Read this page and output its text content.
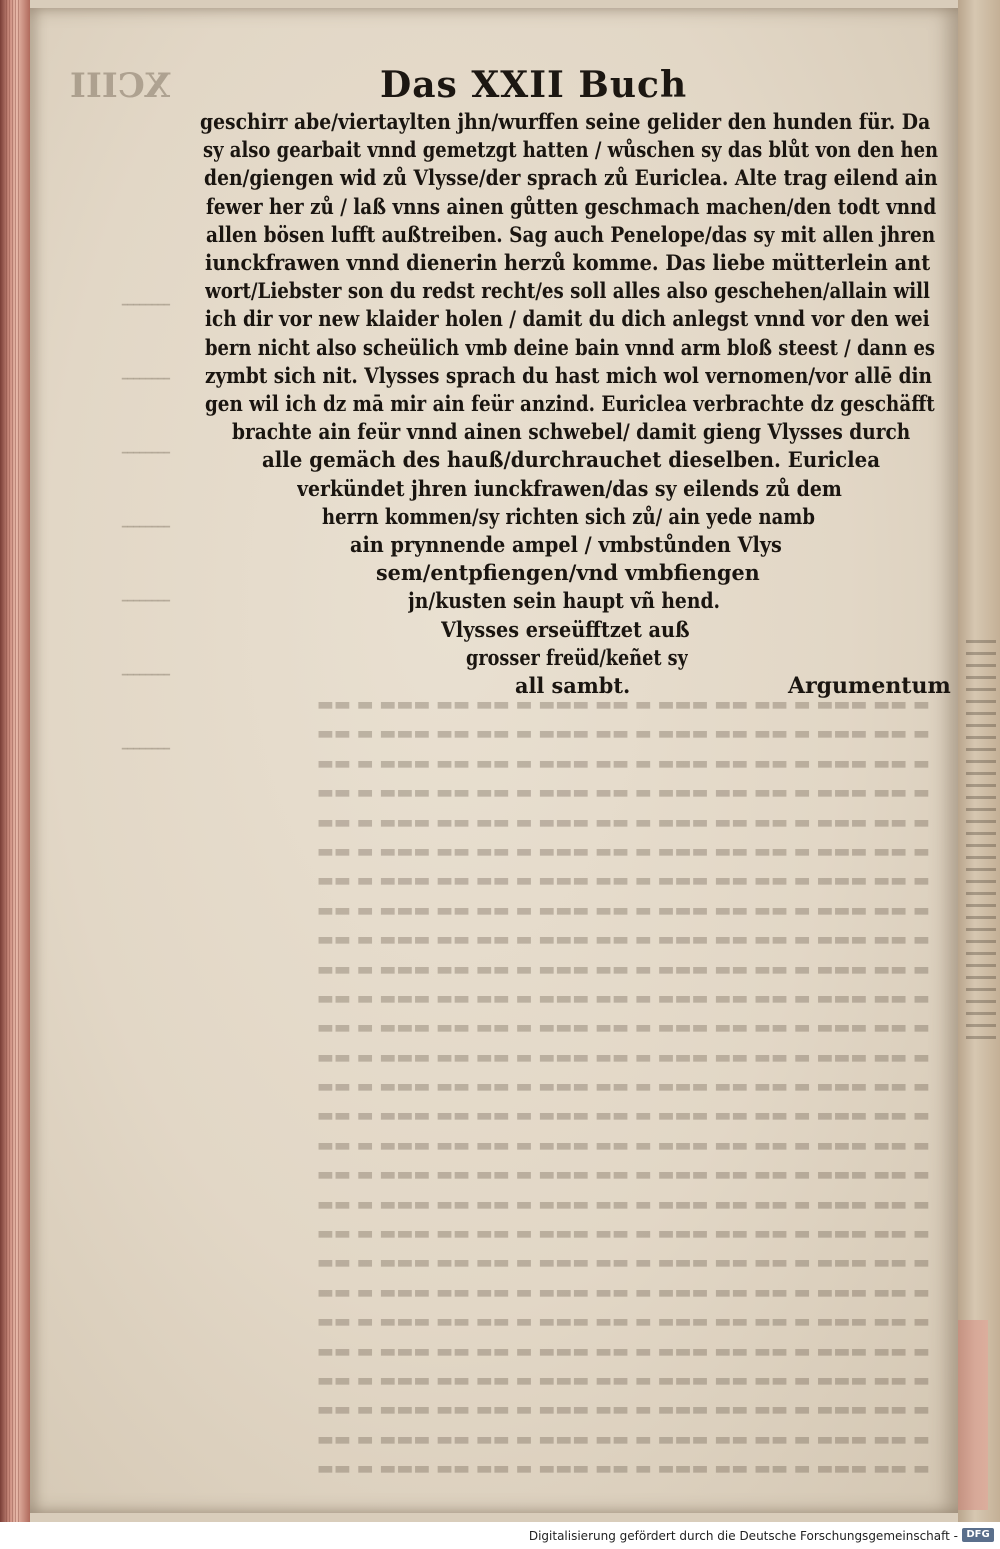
XCIII
━━━━━━━━
━━━━━━━━
━━━━━━━━
━━━━━━━━
━━━━━━━━
━━━━━━━━
━━━━━━━━
▬ ▬▬ ▬▬▬ ▬ ▬▬ ▬▬ ▬▬▬ ▬ ▬▬ ▬▬▬ ▬ ▬▬ ▬▬ ▬▬▬ ▬ ▬▬
▬ ▬▬ ▬▬▬ ▬ ▬▬ ▬▬ ▬▬▬ ▬ ▬▬ ▬▬▬ ▬ ▬▬ ▬▬ ▬▬▬ ▬ ▬▬
▬ ▬▬ ▬▬▬ ▬ ▬▬ ▬▬ ▬▬▬ ▬ ▬▬ ▬▬▬ ▬ ▬▬ ▬▬ ▬▬▬ ▬ ▬▬
▬ ▬▬ ▬▬▬ ▬ ▬▬ ▬▬ ▬▬▬ ▬ ▬▬ ▬▬▬ ▬ ▬▬ ▬▬ ▬▬▬ ▬ ▬▬
▬ ▬▬ ▬▬▬ ▬ ▬▬ ▬▬ ▬▬▬ ▬ ▬▬ ▬▬▬ ▬ ▬▬ ▬▬ ▬▬▬ ▬ ▬▬
▬ ▬▬ ▬▬▬ ▬ ▬▬ ▬▬ ▬▬▬ ▬ ▬▬ ▬▬▬ ▬ ▬▬ ▬▬ ▬▬▬ ▬ ▬▬
▬ ▬▬ ▬▬▬ ▬ ▬▬ ▬▬ ▬▬▬ ▬ ▬▬ ▬▬▬ ▬ ▬▬ ▬▬ ▬▬▬ ▬ ▬▬
▬ ▬▬ ▬▬▬ ▬ ▬▬ ▬▬ ▬▬▬ ▬ ▬▬ ▬▬▬ ▬ ▬▬ ▬▬ ▬▬▬ ▬ ▬▬
▬ ▬▬ ▬▬▬ ▬ ▬▬ ▬▬ ▬▬▬ ▬ ▬▬ ▬▬▬ ▬ ▬▬ ▬▬ ▬▬▬ ▬ ▬▬
▬ ▬▬ ▬▬▬ ▬ ▬▬ ▬▬ ▬▬▬ ▬ ▬▬ ▬▬▬ ▬ ▬▬ ▬▬ ▬▬▬ ▬ ▬▬
▬ ▬▬ ▬▬▬ ▬ ▬▬ ▬▬ ▬▬▬ ▬ ▬▬ ▬▬▬ ▬ ▬▬ ▬▬ ▬▬▬ ▬ ▬▬
▬ ▬▬ ▬▬▬ ▬ ▬▬ ▬▬ ▬▬▬ ▬ ▬▬ ▬▬▬ ▬ ▬▬ ▬▬ ▬▬▬ ▬ ▬▬
▬ ▬▬ ▬▬▬ ▬ ▬▬ ▬▬ ▬▬▬ ▬ ▬▬ ▬▬▬ ▬ ▬▬ ▬▬ ▬▬▬ ▬ ▬▬
▬ ▬▬ ▬▬▬ ▬ ▬▬ ▬▬ ▬▬▬ ▬ ▬▬ ▬▬▬ ▬ ▬▬ ▬▬ ▬▬▬ ▬ ▬▬
▬ ▬▬ ▬▬▬ ▬ ▬▬ ▬▬ ▬▬▬ ▬ ▬▬ ▬▬▬ ▬ ▬▬ ▬▬ ▬▬▬ ▬ ▬▬
▬ ▬▬ ▬▬▬ ▬ ▬▬ ▬▬ ▬▬▬ ▬ ▬▬ ▬▬▬ ▬ ▬▬ ▬▬ ▬▬▬ ▬ ▬▬
▬ ▬▬ ▬▬▬ ▬ ▬▬ ▬▬ ▬▬▬ ▬ ▬▬ ▬▬▬ ▬ ▬▬ ▬▬ ▬▬▬ ▬ ▬▬
▬ ▬▬ ▬▬▬ ▬ ▬▬ ▬▬ ▬▬▬ ▬ ▬▬ ▬▬▬ ▬ ▬▬ ▬▬ ▬▬▬ ▬ ▬▬
▬ ▬▬ ▬▬▬ ▬ ▬▬ ▬▬ ▬▬▬ ▬ ▬▬ ▬▬▬ ▬ ▬▬ ▬▬ ▬▬▬ ▬ ▬▬
▬ ▬▬ ▬▬▬ ▬ ▬▬ ▬▬ ▬▬▬ ▬ ▬▬ ▬▬▬ ▬ ▬▬ ▬▬ ▬▬▬ ▬ ▬▬
▬ ▬▬ ▬▬▬ ▬ ▬▬ ▬▬ ▬▬▬ ▬ ▬▬ ▬▬▬ ▬ ▬▬ ▬▬ ▬▬▬ ▬ ▬▬
▬ ▬▬ ▬▬▬ ▬ ▬▬ ▬▬ ▬▬▬ ▬ ▬▬ ▬▬▬ ▬ ▬▬ ▬▬ ▬▬▬ ▬ ▬▬
▬ ▬▬ ▬▬▬ ▬ ▬▬ ▬▬ ▬▬▬ ▬ ▬▬ ▬▬▬ ▬ ▬▬ ▬▬ ▬▬▬ ▬ ▬▬
▬ ▬▬ ▬▬▬ ▬ ▬▬ ▬▬ ▬▬▬ ▬ ▬▬ ▬▬▬ ▬ ▬▬ ▬▬ ▬▬▬ ▬ ▬▬
▬ ▬▬ ▬▬▬ ▬ ▬▬ ▬▬ ▬▬▬ ▬ ▬▬ ▬▬▬ ▬ ▬▬ ▬▬ ▬▬▬ ▬ ▬▬
▬ ▬▬ ▬▬▬ ▬ ▬▬ ▬▬ ▬▬▬ ▬ ▬▬ ▬▬▬ ▬ ▬▬ ▬▬ ▬▬▬ ▬ ▬▬
▬ ▬▬ ▬▬▬ ▬ ▬▬ ▬▬ ▬▬▬ ▬ ▬▬ ▬▬▬ ▬ ▬▬ ▬▬ ▬▬▬ ▬ ▬▬
Das XXII Buch
geschirr abe/viertaylten jhn/wurffen seine gelider den hunden für. Da
sy also gearbait vnnd gemetzgt hatten / wůschen sy das blůt von den hen
den/giengen wid zů Vlysse/der sprach zů Euriclea. Alte trag eilend ain
fewer her zů / laß vnns ainen gůtten geschmach machen/den todt vnnd
allen bösen lufft außtreiben. Sag auch Penelope/das sy mit allen jhren
iunckfrawen vnnd dienerin herzů komme. Das liebe mütterlein ant
wort/Liebster son du redst recht/es soll alles also geschehen/allain will
ich dir vor new klaider holen / damit du dich anlegst vnnd vor den wei
bern nicht also scheülich vmb deine bain vnnd arm bloß steest / dann es
zymbt sich nit. Vlysses sprach du hast mich wol vernomen/vor allē din
gen wil ich dz mā mir ain feür anzind. Euriclea verbrachte dz geschäfft
brachte ain feür vnnd ainen schwebel/ damit gieng Vlysses durch
alle gemäch des hauß/durchrauchet dieselben. Euriclea
verkündet jhren iunckfrawen/das sy eilends zů dem
herrn kommen/sy richten sich zů/ ain yede namb
ain prynnende ampel / vmbstůnden Vlys
sem/entpfiengen/vnd vmbfiengen
jn/kusten sein haupt vñ hend.
Vlysses erseüfftzet auß
grosser freüd/keñet sy
all sambt.	Argumentum
Digitalisierung gefördert durch die Deutsche Forschungsgemeinschaft - DFG
